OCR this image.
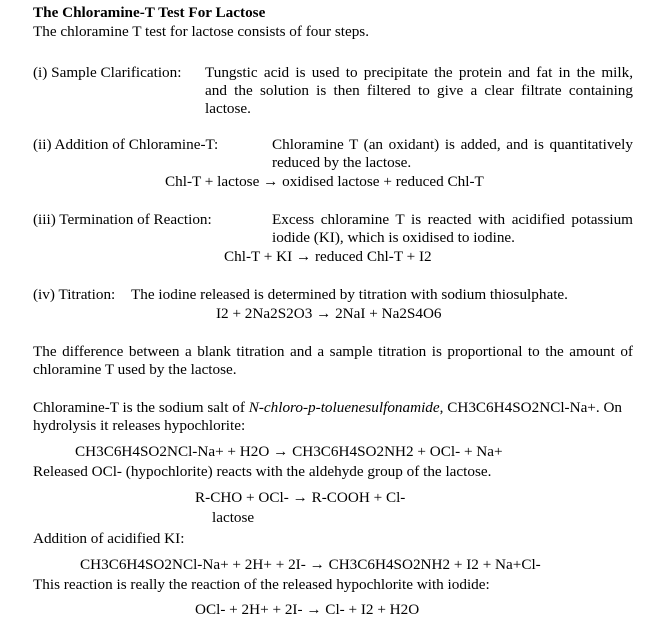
The Chloramine-T Test For Lactose
The chloramine T test for lactose consists of four steps.
(i) Sample Clarification: Tungstic acid is used to precipitate the protein and fat in the milk,
and the solution is then filtered to give a clear filtrate containing
lactose.
(ii) Addition of Chloramine-T:	Chloramine T (an oxidant) is added, and is quantitatively
reduced by the lactose.
Chl-T + lactose → oxidised lactose + reduced Chl-T
(iii) Termination of Reaction:	Excess chloramine T is reacted with acidified potassium
iodide (KI), which is oxidised to iodine.
Chl-T + KI → reduced Chl-T + I2
(iv) Titration: The iodine released is determined by titration with sodium thiosulphate.
I2 + 2Na2S2O3 → 2NaI + Na2S4O6
The difference between a blank titration and a sample titration is proportional to the amount of
chloramine T used by the lactose.
Chloramine-T is the sodium salt of N-chloro-p-toluenesulfonamide, CH3C6H4SO2NCl-Na+. On
hydrolysis it releases hypochlorite:
CH3C6H4SO2NCl-Na+ + H2O → CH3C6H4SO2NH2 + OCl- + Na+
Released OCl- (hypochlorite) reacts with the aldehyde group of the lactose.
R-CHO + OCl- → R-COOH + Cl-
lactose
Addition of acidified KI:
CH3C6H4SO2NCl-Na+ + 2H+ + 2I- → CH3C6H4SO2NH2 + I2 + Na+Cl-
This reaction is really the reaction of the released hypochlorite with iodide:
OCl- + 2H+ + 2I- → Cl- + I2 + H2O
